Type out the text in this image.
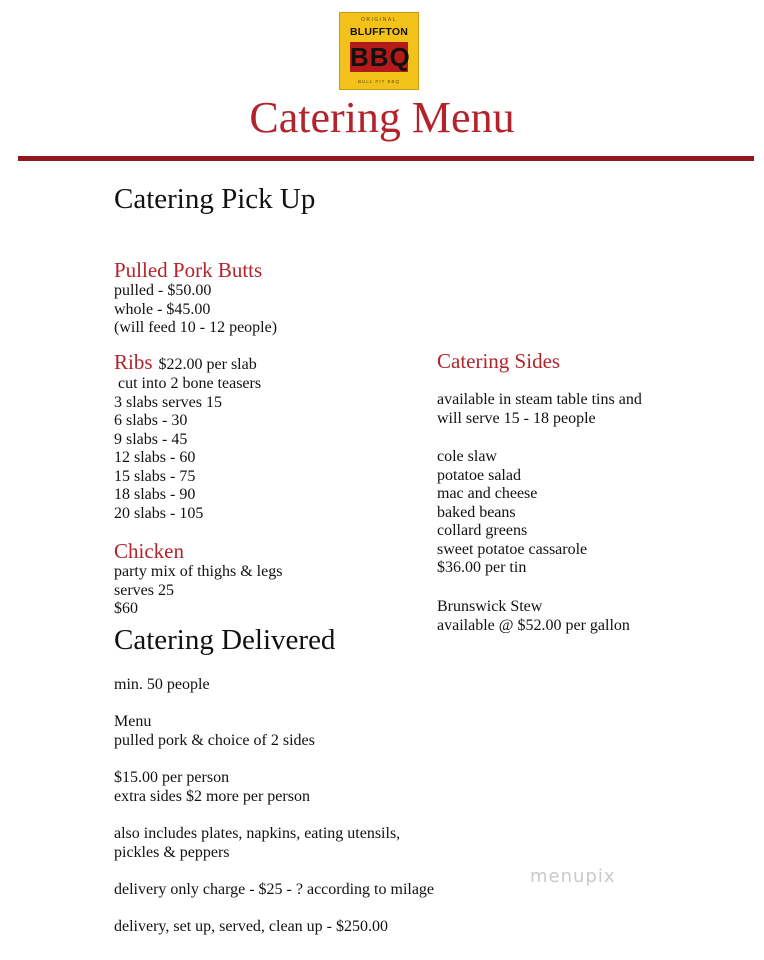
ORIGINAL
BLUFFTON
BBQ
BULL PIT BBQ
Catering Menu
Catering Pick Up
Pulled Pork Butts
pulled - $50.00
whole - $45.00
(will feed 10 - 12 people)
Ribs $22.00 per slab
cut into 2 bone teasers
3 slabs serves 15
6 slabs - 30
9 slabs - 45
12 slabs - 60
15 slabs - 75
18 slabs - 90
20 slabs - 105
Chicken
party mix of thighs & legs
serves 25
$60
Catering Sides
available in steam table tins and
will serve 15 - 18 people
cole slaw
potatoe salad
mac and cheese
baked beans
collard greens
sweet potatoe cassarole
$36.00 per tin
Brunswick Stew
available @ $52.00 per gallon
Catering Delivered
min. 50 people
Menu
pulled pork & choice of 2 sides
$15.00 per person
extra sides $2 more per person
also includes plates, napkins, eating utensils,
pickles & peppers
delivery only charge - $25 - ? according to milage
delivery, set up, served, clean up - $250.00
menupix
